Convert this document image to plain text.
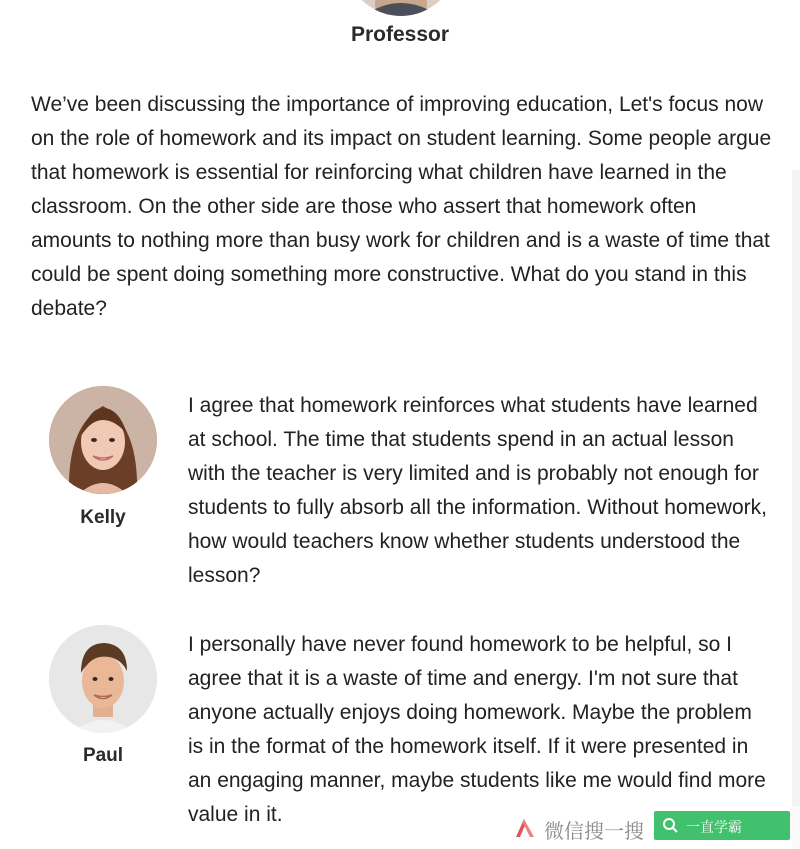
Professor

We’ve been discussing the importance of improving education, Let's focus now on the role of homework and its impact on student learning. Some people argue that homework is essential for reinforcing what children have learned in the classroom. On the other side are those who assert that homework often amounts to nothing more than busy work for children and is a waste of time that could be spent doing something more constructive. What do you stand in this debate?

Kelly

I agree that homework reinforces what students have learned at school. The time that students spend in an actual lesson with the teacher is very limited and is probably not enough for students to fully absorb all the information. Without homework, how would teachers know whether students understood the lesson?

Paul

I personally have never found homework to be helpful, so I agree that it is a waste of time and energy. I'm not sure that anyone actually enjoys doing homework. Maybe the problem is in the format of the homework itself. If it were presented in an engaging manner, maybe students like me would find more value in it.

微信搜一搜	一直学霸
